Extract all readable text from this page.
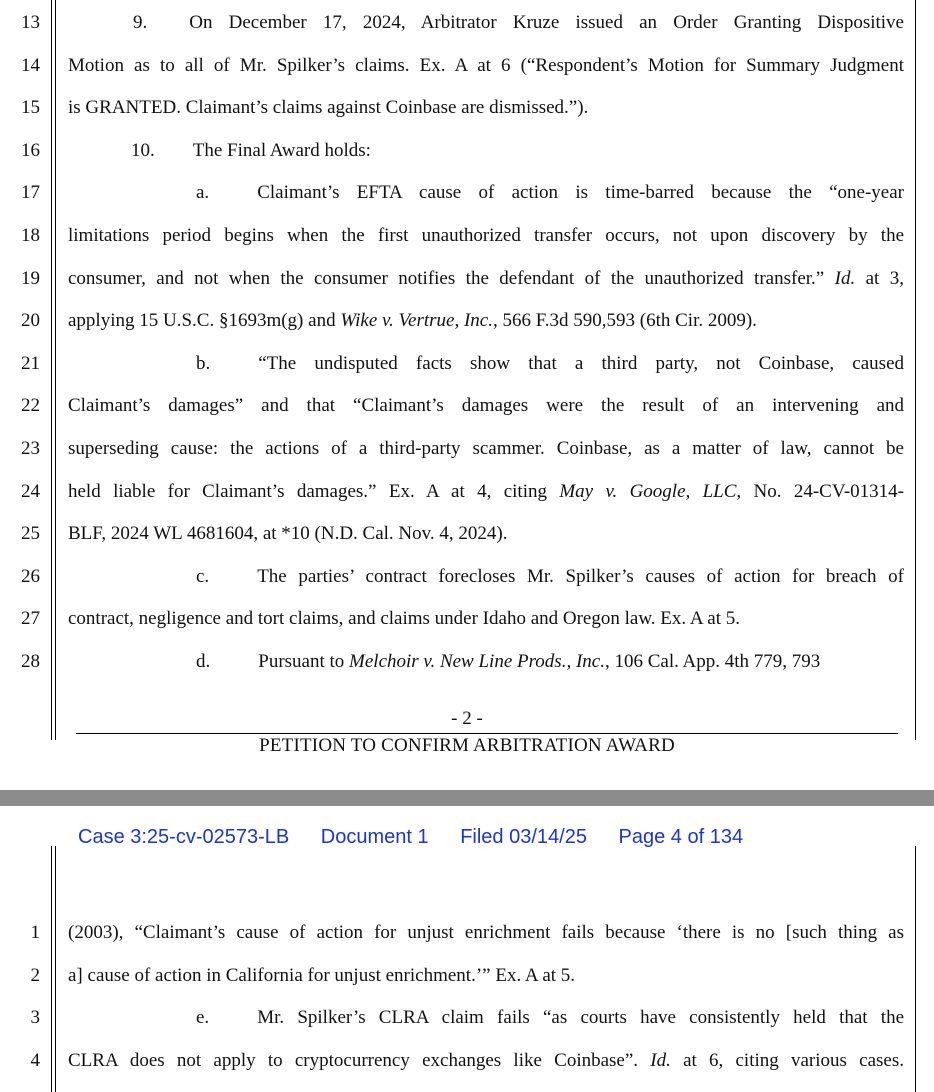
13	9. On December 17, 2024, Arbitrator Kruze issued an Order Granting Dispositive
14 Motion as to all of Mr. Spilker’s claims. Ex. A at 6 (“Respondent’s Motion for Summary Judgment
15 is GRANTED. Claimant’s claims against Coinbase are dismissed.”).
16	10. The Final Award holds:
17	a.	Claimant’s EFTA cause of action is time-barred because the “one-year
18 limitations period begins when the first unauthorized transfer occurs, not upon discovery by the
19 consumer, and not when the consumer notifies the defendant of the unauthorized transfer.” Id. at 3,
20 applying 15 U.S.C. §1693m(g) and Wike v. Vertrue, Inc., 566 F.3d 590,593 (6th Cir. 2009).
21	b.	“The undisputed facts show that a third party, not Coinbase, caused
22 Claimant’s damages” and that “Claimant’s damages were the result of an intervening and
23 superseding cause: the actions of a third-party scammer. Coinbase, as a matter of law, cannot be
24 held liable for Claimant’s damages.” Ex. A at 4, citing May v. Google, LLC, No. 24-CV-01314-
25 BLF, 2024 WL 4681604, at *10 (N.D. Cal. Nov. 4, 2024).
26	c.	The parties’ contract forecloses Mr. Spilker’s causes of action for breach of
27 contract, negligence and tort claims, and claims under Idaho and Oregon law. Ex. A at 5.
28	d.	Pursuant to Melchoir v. New Line Prods., Inc., 106 Cal. App. 4th 779, 793
- 2 -
PETITION TO CONFIRM ARBITRATION AWARD
1 (2003), “Claimant’s cause of action for unjust enrichment fails because ‘there is no [such thing as
2 a] cause of action in California for unjust enrichment.’” Ex. A at 5.
3	e.	Mr. Spilker’s CLRA claim fails “as courts have consistently held that the
4 CLRA does not apply to cryptocurrency exchanges like Coinbase”. Id. at 6, citing various cases.
Case 3:25-cv-02573-LB Document 1 Filed 03/14/25 Page 4 of 134
